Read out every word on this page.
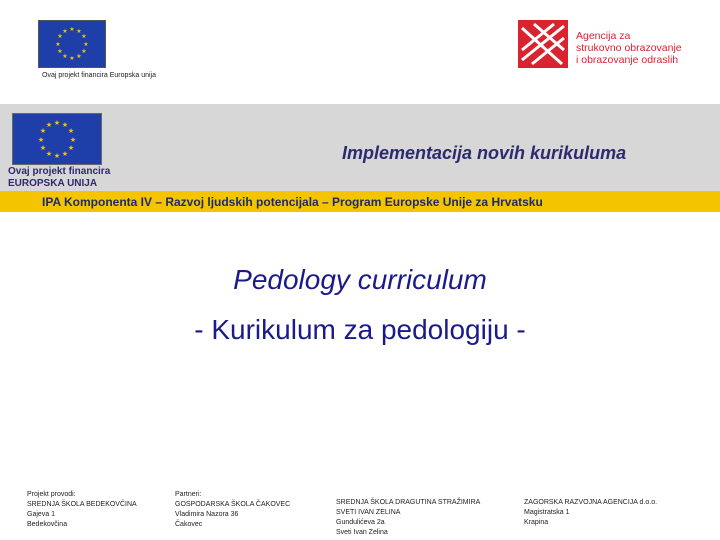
★ ★
★
★
★
★
★
★
★
★
★
★
Ovaj projekt financira Europska unija
Agencija za
strukovno obrazovanje
i obrazovanje odraslih
★ ★
★
★
★
★
★
★
★
★
★
★
Ovaj projekt financira
EUROPSKA UNIJA
Implementacija novih kurikuluma
IPA Komponenta IV – Razvoj ljudskih potencijala – Program Europske Unije za Hrvatsku
Pedology curriculum
- Kurikulum za pedologiju -
Projekt provodi:
SREDNJA ŠKOLA BEDEKOVČINA
Gajeva 1
Bedekovčina
Partneri:
GOSPODARSKA ŠKOLA ČAKOVEC
Vladimira Nazora 36
Čakovec
SREDNJA ŠKOLA DRAGUTINA STRAŽIMIRA
SVETI IVAN ZELINA
Gundulićeva 2a
Sveti Ivan Zelina
ZAGORSKA RAZVOJNA AGENCIJA d.o.o.
Magistratska 1
Krapina
